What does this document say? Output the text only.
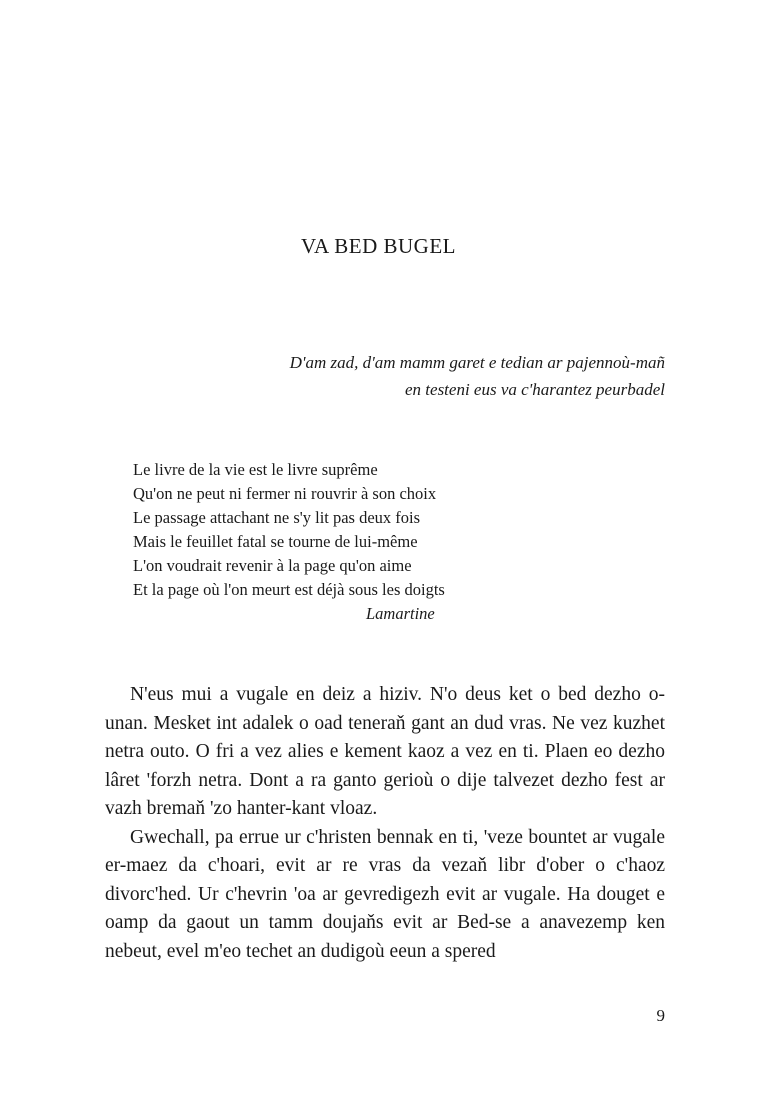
VA BED BUGEL
D'am zad, d'am mamm garet e tedian ar pajennoù-mañ
en testeni eus va c'harantez peurbadel
Le livre de la vie est le livre suprême
Qu'on ne peut ni fermer ni rouvrir à son choix
Le passage attachant ne s'y lit pas deux fois
Mais le feuillet fatal se tourne de lui-même
L'on voudrait revenir à la page qu'on aime
Et la page où l'on meurt est déjà sous les doigts
Lamartine

N'eus mui a vugale en deiz a hiziv. N'o deus ket o bed dezho o-unan. Mesket int adalek o oad teneraň gant an dud vras. Ne vez kuzhet netra outo. O fri a vez alies e kement kaoz a vez en ti. Plaen eo dezho lâret 'forzh netra. Dont a ra ganto gerioù o dije talvezet dezho fest ar vazh bremaň 'zo hanter-kant vloaz.

Gwechall, pa errue ur c'hristen bennak en ti, 'veze bountet ar vugale er-maez da c'hoari, evit ar re vras da vezaň libr d'ober o c'haoz divorc'hed. Ur c'hevrin 'oa ar gevredigezh evit ar vugale. Ha douget e oamp da gaout un tamm doujaňs evit ar Bed-se a anavezemp ken nebeut, evel m'eo techet an dudigoù eeun a spered

9
